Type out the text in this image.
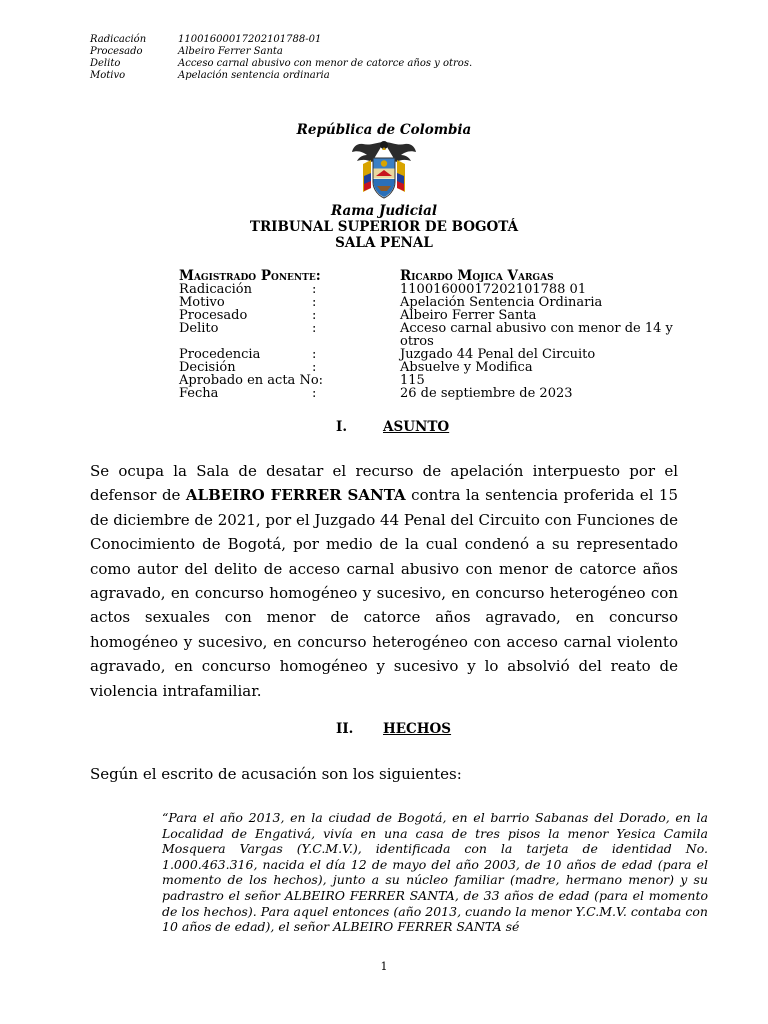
Radicación	11001600017202101788-01
Procesado	Albeiro Ferrer Santa
Delito	Acceso carnal abusivo con menor de catorce años y otros.
Motivo	Apelación sentencia ordinaria
República de Colombia
Rama Judicial
TRIBUNAL SUPERIOR DE BOGOTÁ
SALA PENAL
Magistrado Ponente:	Ricardo Mojica Vargas
Radicación	:	11001600017202101788 01
Motivo	:	Apelación Sentencia Ordinaria
Procesado	:	Albeiro Ferrer Santa
Delito	:	Acceso carnal abusivo con menor de 14 y otros
Procedencia	:	Juzgado 44 Penal del Circuito
Decisión	:	Absuelve y Modifica
Aprobado en acta No:	115
Fecha	:	26 de septiembre de 2023
I.	ASUNTO
Se ocupa la Sala de desatar el recurso de apelación interpuesto por el defensor de ALBEIRO FERRER SANTA contra la sentencia proferida el 15 de diciembre de 2021, por el Juzgado 44 Penal del Circuito con Funciones de Conocimiento de Bogotá, por medio de la cual condenó a su representado como autor del delito de acceso carnal abusivo con menor de catorce años agravado, en concurso homogéneo y sucesivo, en concurso heterogéneo con actos sexuales con menor de catorce años agravado, en concurso homogéneo y sucesivo, en concurso heterogéneo con acceso carnal violento agravado, en concurso homogéneo y sucesivo y lo absolvió del reato de violencia intrafamiliar.
II. HECHOS
Según el escrito de acusación son los siguientes:
“Para el año 2013, en la ciudad de Bogotá, en el barrio Sabanas del Dorado, en la Localidad de Engativá, vivía en una casa de tres pisos la menor Yesica Camila Mosquera Vargas (Y.C.M.V.), identificada con la tarjeta de identidad No. 1.000.463.316, nacida el día 12 de mayo del año 2003, de 10 años de edad (para el momento de los hechos), junto a su núcleo familiar (madre, hermano menor) y su padrastro el señor ALBEIRO FERRER SANTA, de 33 años de edad (para el momento de los hechos). Para aquel entonces (año 2013, cuando la menor Y.C.M.V. contaba con 10 años de edad), el señor ALBEIRO FERRER SANTA sé
1
